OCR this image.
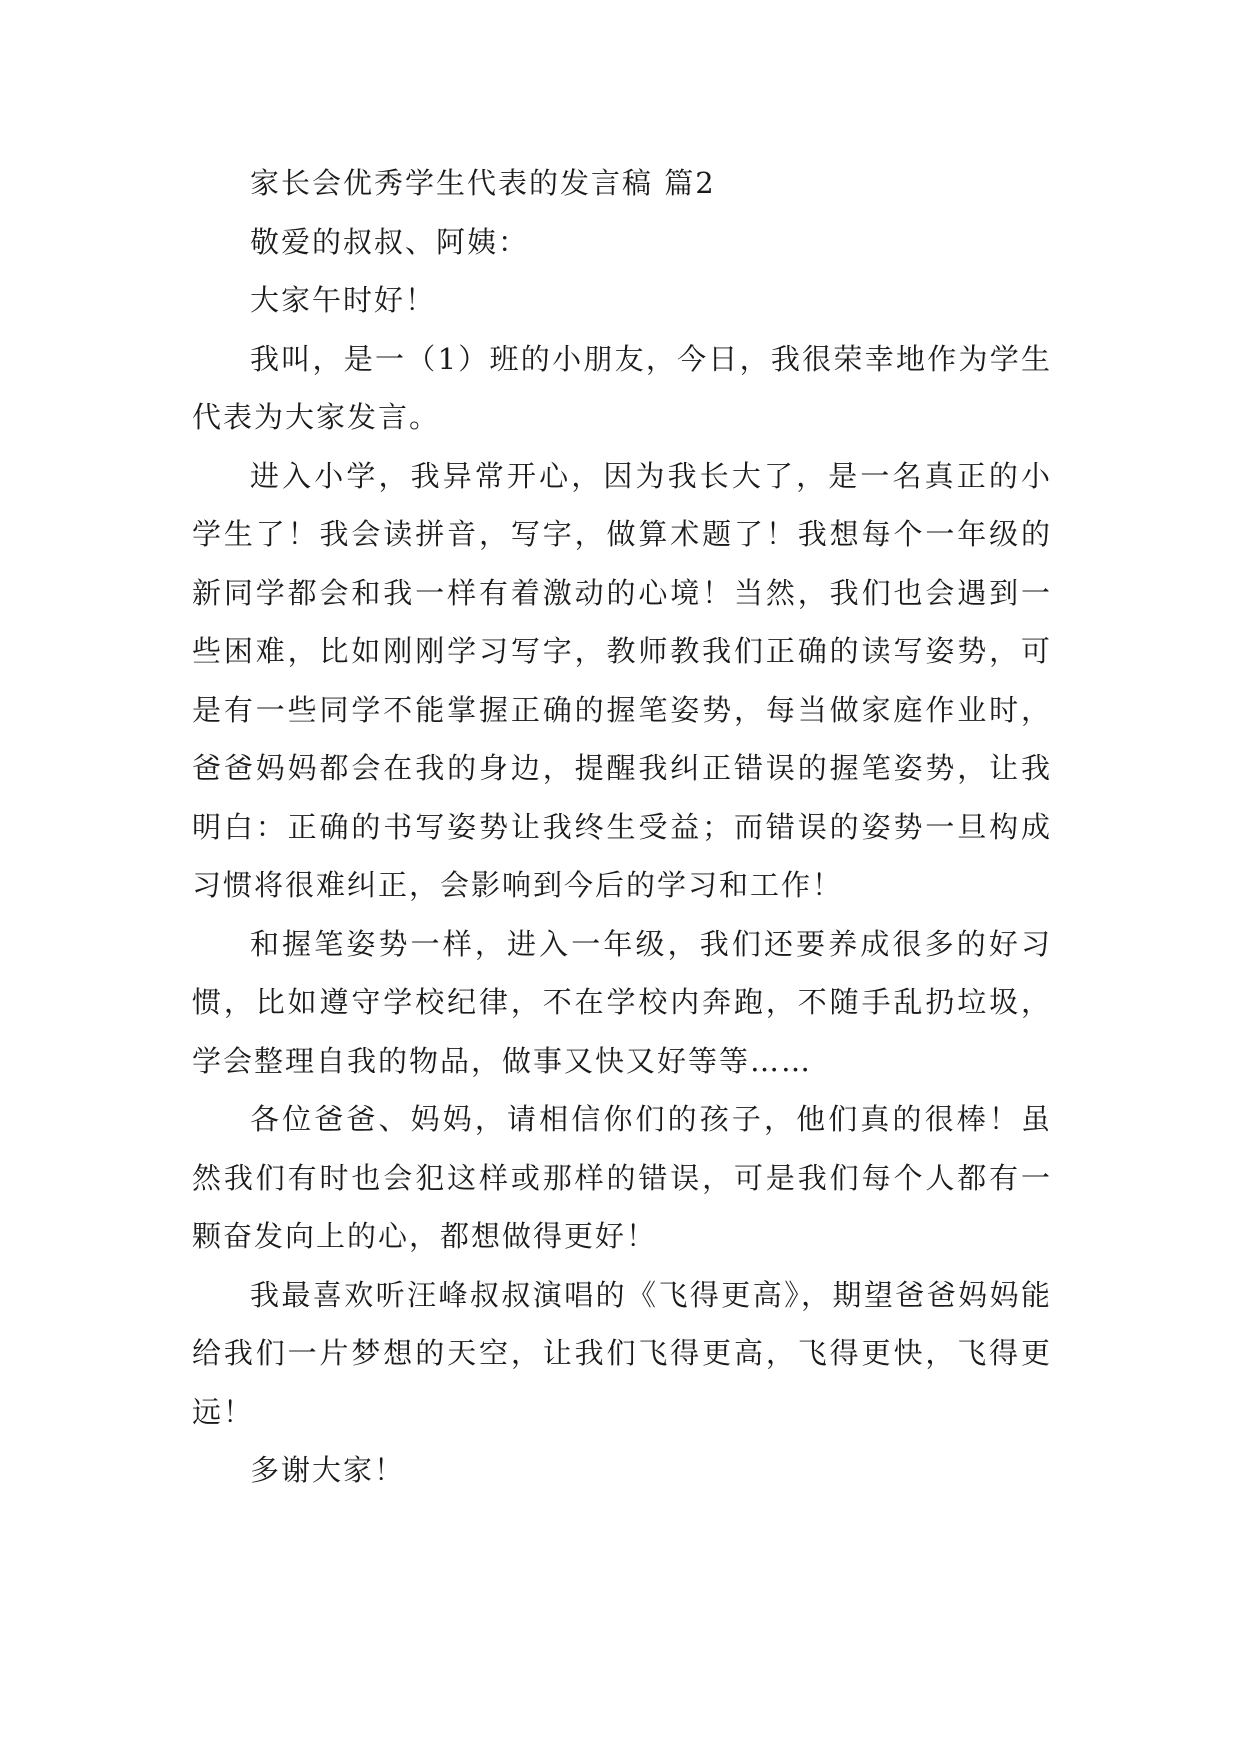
家长会优秀学生代表的发言稿 篇2

敬爱的叔叔、阿姨：

大家午时好！

我叫，是一（1）班的小朋友，今日，我很荣幸地作为学生代表为大家发言。

进入小学，我异常开心，因为我长大了，是一名真正的小学生了！我会读拼音，写字，做算术题了！我想每个一年级的新同学都会和我一样有着激动的心境！当然，我们也会遇到一些困难，比如刚刚学习写字，教师教我们正确的读写姿势，可是有一些同学不能掌握正确的握笔姿势，每当做家庭作业时，爸爸妈妈都会在我的身边，提醒我纠正错误的握笔姿势，让我明白：正确的书写姿势让我终生受益；而错误的姿势一旦构成习惯将很难纠正，会影响到今后的学习和工作！

和握笔姿势一样，进入一年级，我们还要养成很多的好习惯，比如遵守学校纪律，不在学校内奔跑，不随手乱扔垃圾，学会整理自我的物品，做事又快又好等等……

各位爸爸、妈妈，请相信你们的孩子，他们真的很棒！虽然我们有时也会犯这样或那样的错误，可是我们每个人都有一颗奋发向上的心，都想做得更好！

我最喜欢听汪峰叔叔演唱的《飞得更高》，期望爸爸妈妈能给我们一片梦想的天空，让我们飞得更高，飞得更快，飞得更远！

多谢大家！
